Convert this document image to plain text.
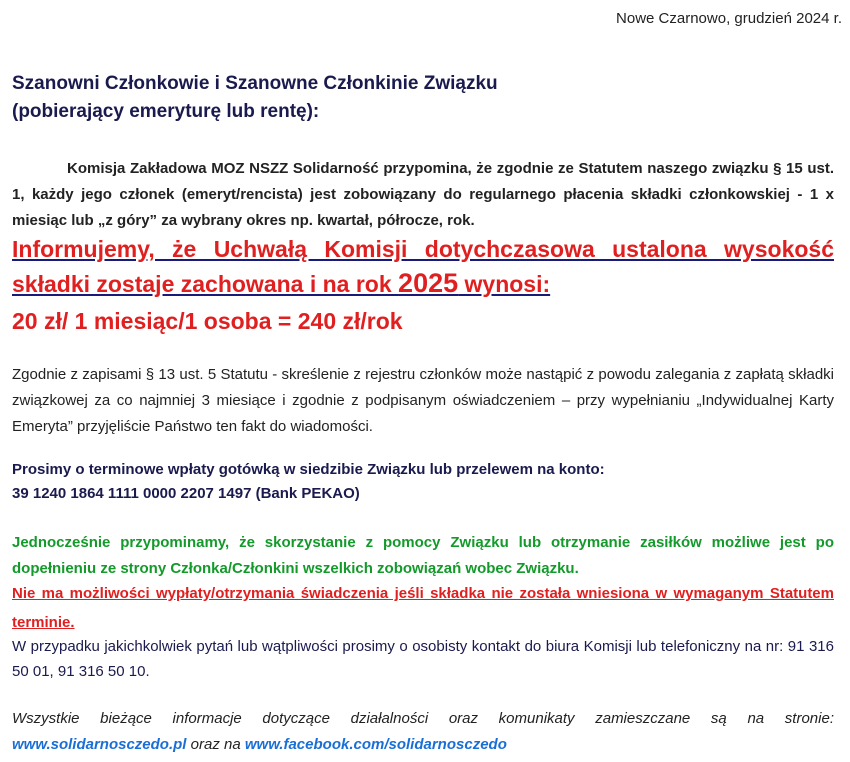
Nowe Czarnowo, grudzień 2024 r.
Szanowni Członkowie i Szanowne Członkinie Związku
(pobierający emeryturę lub rentę):
Komisja Zakładowa MOZ NSZZ Solidarność przypomina, że zgodnie ze Statutem naszego związku § 15 ust. 1, każdy jego członek (emeryt/rencista) jest zobowiązany do regularnego płacenia składki członkowskiej - 1 x miesiąc lub „z góry” za wybrany okres np. kwartał, półrocze, rok.
Informujemy, że Uchwałą Komisji dotychczasowa ustalona wysokość składki zostaje zachowana i na rok 2025 wynosi:
20 zł/ 1 miesiąc/1 osoba = 240 zł/rok
Zgodnie z zapisami § 13 ust. 5 Statutu - skreślenie z rejestru członków może nastąpić z powodu zalegania z zapłatą składki związkowej za co najmniej 3 miesiące i zgodnie z podpisanym oświadczeniem – przy wypełnianiu „Indywidualnej Karty Emeryta” przyjęliście Państwo ten fakt do wiadomości.
Prosimy o terminowe wpłaty gotówką w siedzibie Związku lub przelewem na konto:
39 1240 1864 1111 0000 2207 1497 (Bank PEKAO)
Jednocześnie przypominamy, że skorzystanie z pomocy Związku lub otrzymanie zasiłków możliwe jest po dopełnieniu ze strony Członka/Członkini wszelkich zobowiązań wobec Związku.
Nie ma możliwości wypłaty/otrzymania świadczenia jeśli składka nie została wniesiona w wymaganym Statutem terminie.
W przypadku jakichkolwiek pytań lub wątpliwości prosimy o osobisty kontakt do biura Komisji lub telefoniczny na nr: 91 316 50 01, 91 316 50 10.
Wszystkie bieżące informacje dotyczące działalności oraz komunikaty zamieszczane są na stronie: www.solidarnosczedo.pl oraz na www.facebook.com/solidarnosczedo
